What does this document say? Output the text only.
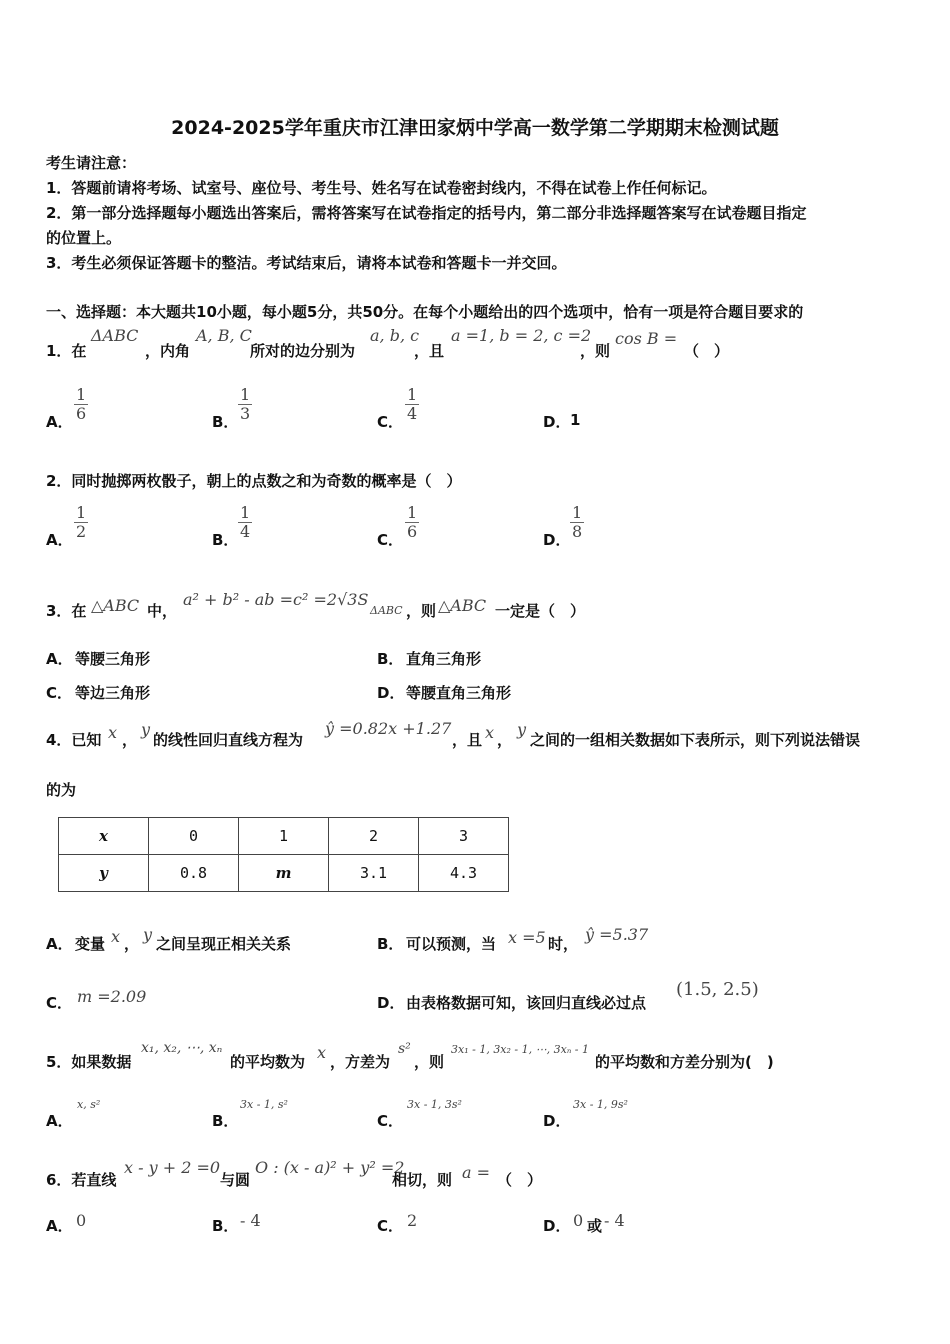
2024-2025学年重庆市江津田家炳中学高一数学第二学期期末检测试题
考生请注意：
1．答题前请将考场、试室号、座位号、考生号、姓名写在试卷密封线内，不得在试卷上作任何标记。
2．第一部分选择题每小题选出答案后，需将答案写在试卷指定的括号内，第二部分非选择题答案写在试卷题目指定
的位置上。
3．考生必须保证答题卡的整洁。考试结束后，请将本试卷和答题卡一并交回。
一、选择题：本大题共10小题，每小题5分，共50分。在每个小题给出的四个选项中，恰有一项是符合题目要求的
1．在
ΔABC
，内角
A, B, C
所对的边分别为
a, b, c
，且
a =1, b = 2, c =2
，则
cos B =
（　）
A． $\frac{1}{6}$	B． $\frac{1}{3}$	C． $\frac{1}{4}$	D． 1
2．同时抛掷两枚骰子，朝上的点数之和为奇数的概率是（　）
A． $\frac{1}{2}$	B． $\frac{1}{4}$	C． $\frac{1}{6}$	D． $\frac{1}{8}$
3．在 △ABC 中，
a² + b² - ab =c² =2√3S
ΔABC ，则 △ABC 一定是（　）
A． 等腰三角形	B． 直角三角形
C． 等边三角形	D． 等腰直角三角形
4．已知 x ，
y
的线性回归直线方程为
ŷ =0.82x +1.27
，且 x ，
y
之间的一组相关数据如下表所示，则下列说法错误
的为
x	0	1	2	3
y	0.8	m	3.1	4.3
A． 变量 x ， y 之间呈现正相关关系	B． 可以预测，当 x =5 时， ŷ =5.37
C． m =2.09	D． 由表格数据可知，该回归直线必过点
(1.5, 2.5)
5．如果数据
x₁, x₂, ⋯, xₙ
的平均数为 x ，方差为
s²
，则
3x₁ - 1, 3x₂ - 1, ⋯, 3xₙ - 1
的平均数和方差分别为(　)
A．
x, s²
B．
3x - 1, s²
C．
3x - 1, 3s²
D．
3x - 1, 9s²
6．若直线
x - y + 2 =0
与圆
O : (x - a)² + y² =2
相切，则 a = （　）
A． 0	B． - 4	C． 2	D． 0 或 - 4
